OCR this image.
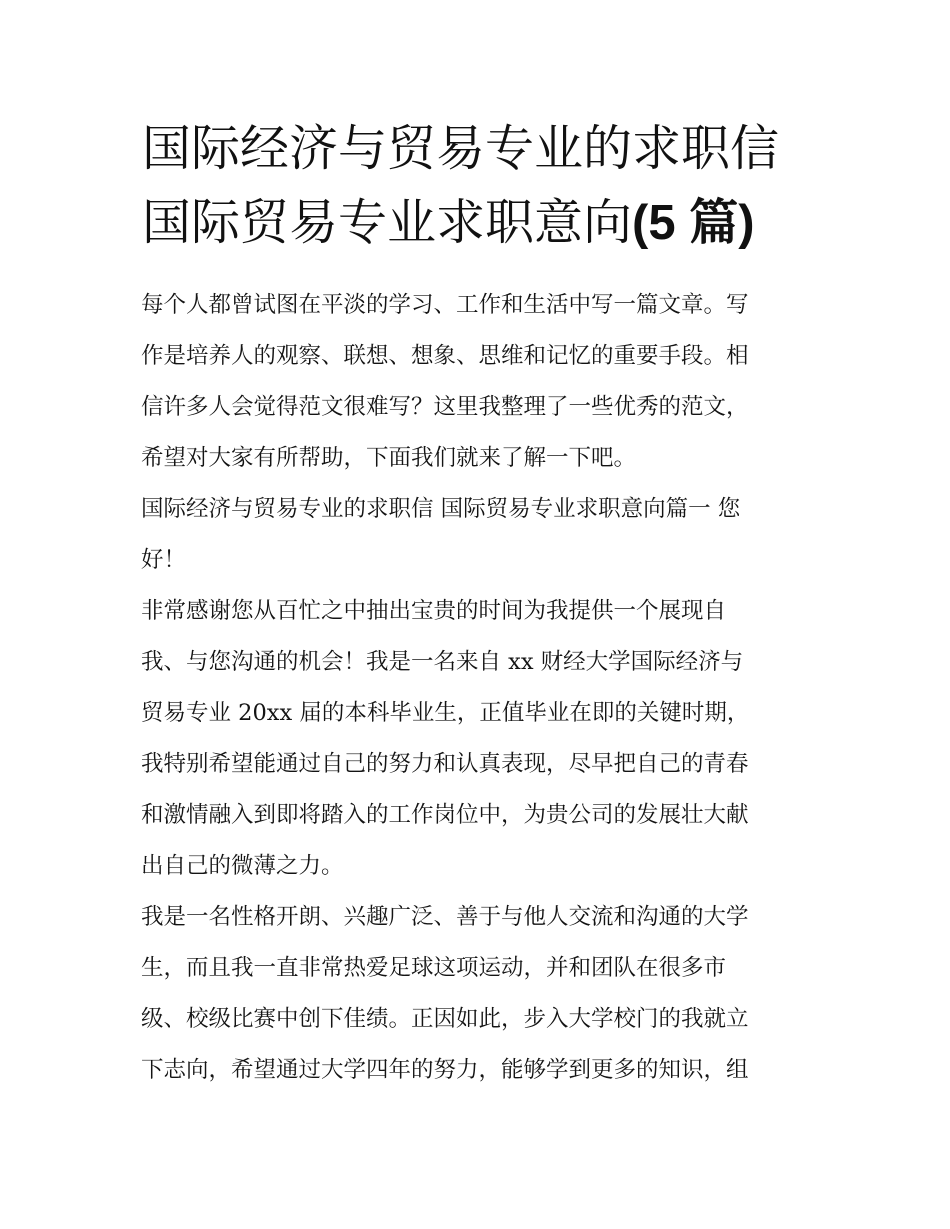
国际经济与贸易专业的求职信
国际贸易专业求职意向(5 篇)
每个人都曾试图在平淡的学习、工作和生活中写一篇文章。写
作是培养人的观察、联想、想象、思维和记忆的重要手段。相
信许多人会觉得范文很难写？这里我整理了一些优秀的范文，
希望对大家有所帮助，下面我们就来了解一下吧。
国际经济与贸易专业的求职信 国际贸易专业求职意向篇一 您
好！
非常感谢您从百忙之中抽出宝贵的时间为我提供一个展现自
我、与您沟通的机会！我是一名来自 xx 财经大学国际经济与
贸易专业 20xx 届的本科毕业生，正值毕业在即的关键时期，
我特别希望能通过自己的努力和认真表现，尽早把自己的青春
和激情融入到即将踏入的工作岗位中，为贵公司的发展壮大献
出自己的微薄之力。
我是一名性格开朗、兴趣广泛、善于与他人交流和沟通的大学
生，而且我一直非常热爱足球这项运动，并和团队在很多市
级、校级比赛中创下佳绩。正因如此，步入大学校门的我就立
下志向，希望通过大学四年的努力，能够学到更多的知识，组
